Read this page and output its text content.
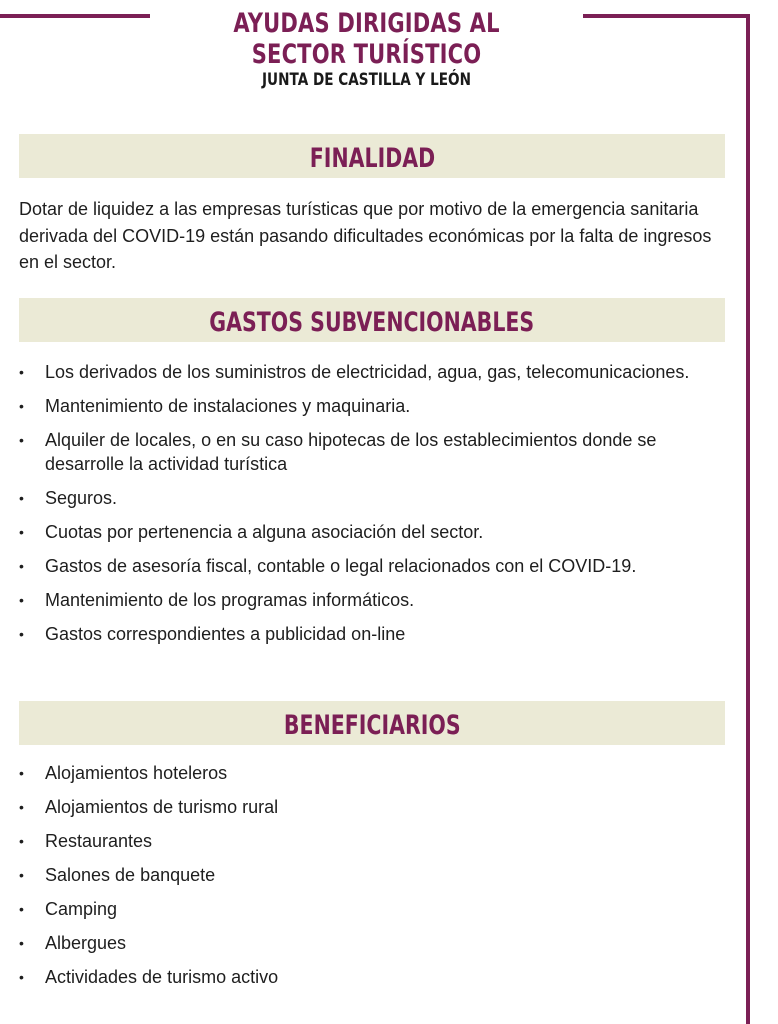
AYUDAS DIRIGIDAS AL
SECTOR TURÍSTICO
JUNTA DE CASTILLA Y LEÓN
FINALIDAD

Dotar de liquidez a las empresas turísticas que por motivo de la emergencia sanitaria derivada del COVID-19 están pasando dificultades económicas por la falta de ingresos en el sector.

GASTOS SUBVENCIONABLES
• Los derivados de los suministros de electricidad, agua, gas, telecomunicaciones.
• Mantenimiento de instalaciones y maquinaria.
• Alquiler de locales, o en su caso hipotecas de los establecimientos donde se desarrolle la actividad turística
• Seguros.
• Cuotas por pertenencia a alguna asociación del sector.
• Gastos de asesoría fiscal, contable o legal relacionados con el COVID-19.
• Mantenimiento de los programas informáticos.
• Gastos correspondientes a publicidad on-line
BENEFICIARIOS
• Alojamientos hoteleros
• Alojamientos de turismo rural
• Restaurantes
• Salones de banquete
• Camping
• Albergues
• Actividades de turismo activo
